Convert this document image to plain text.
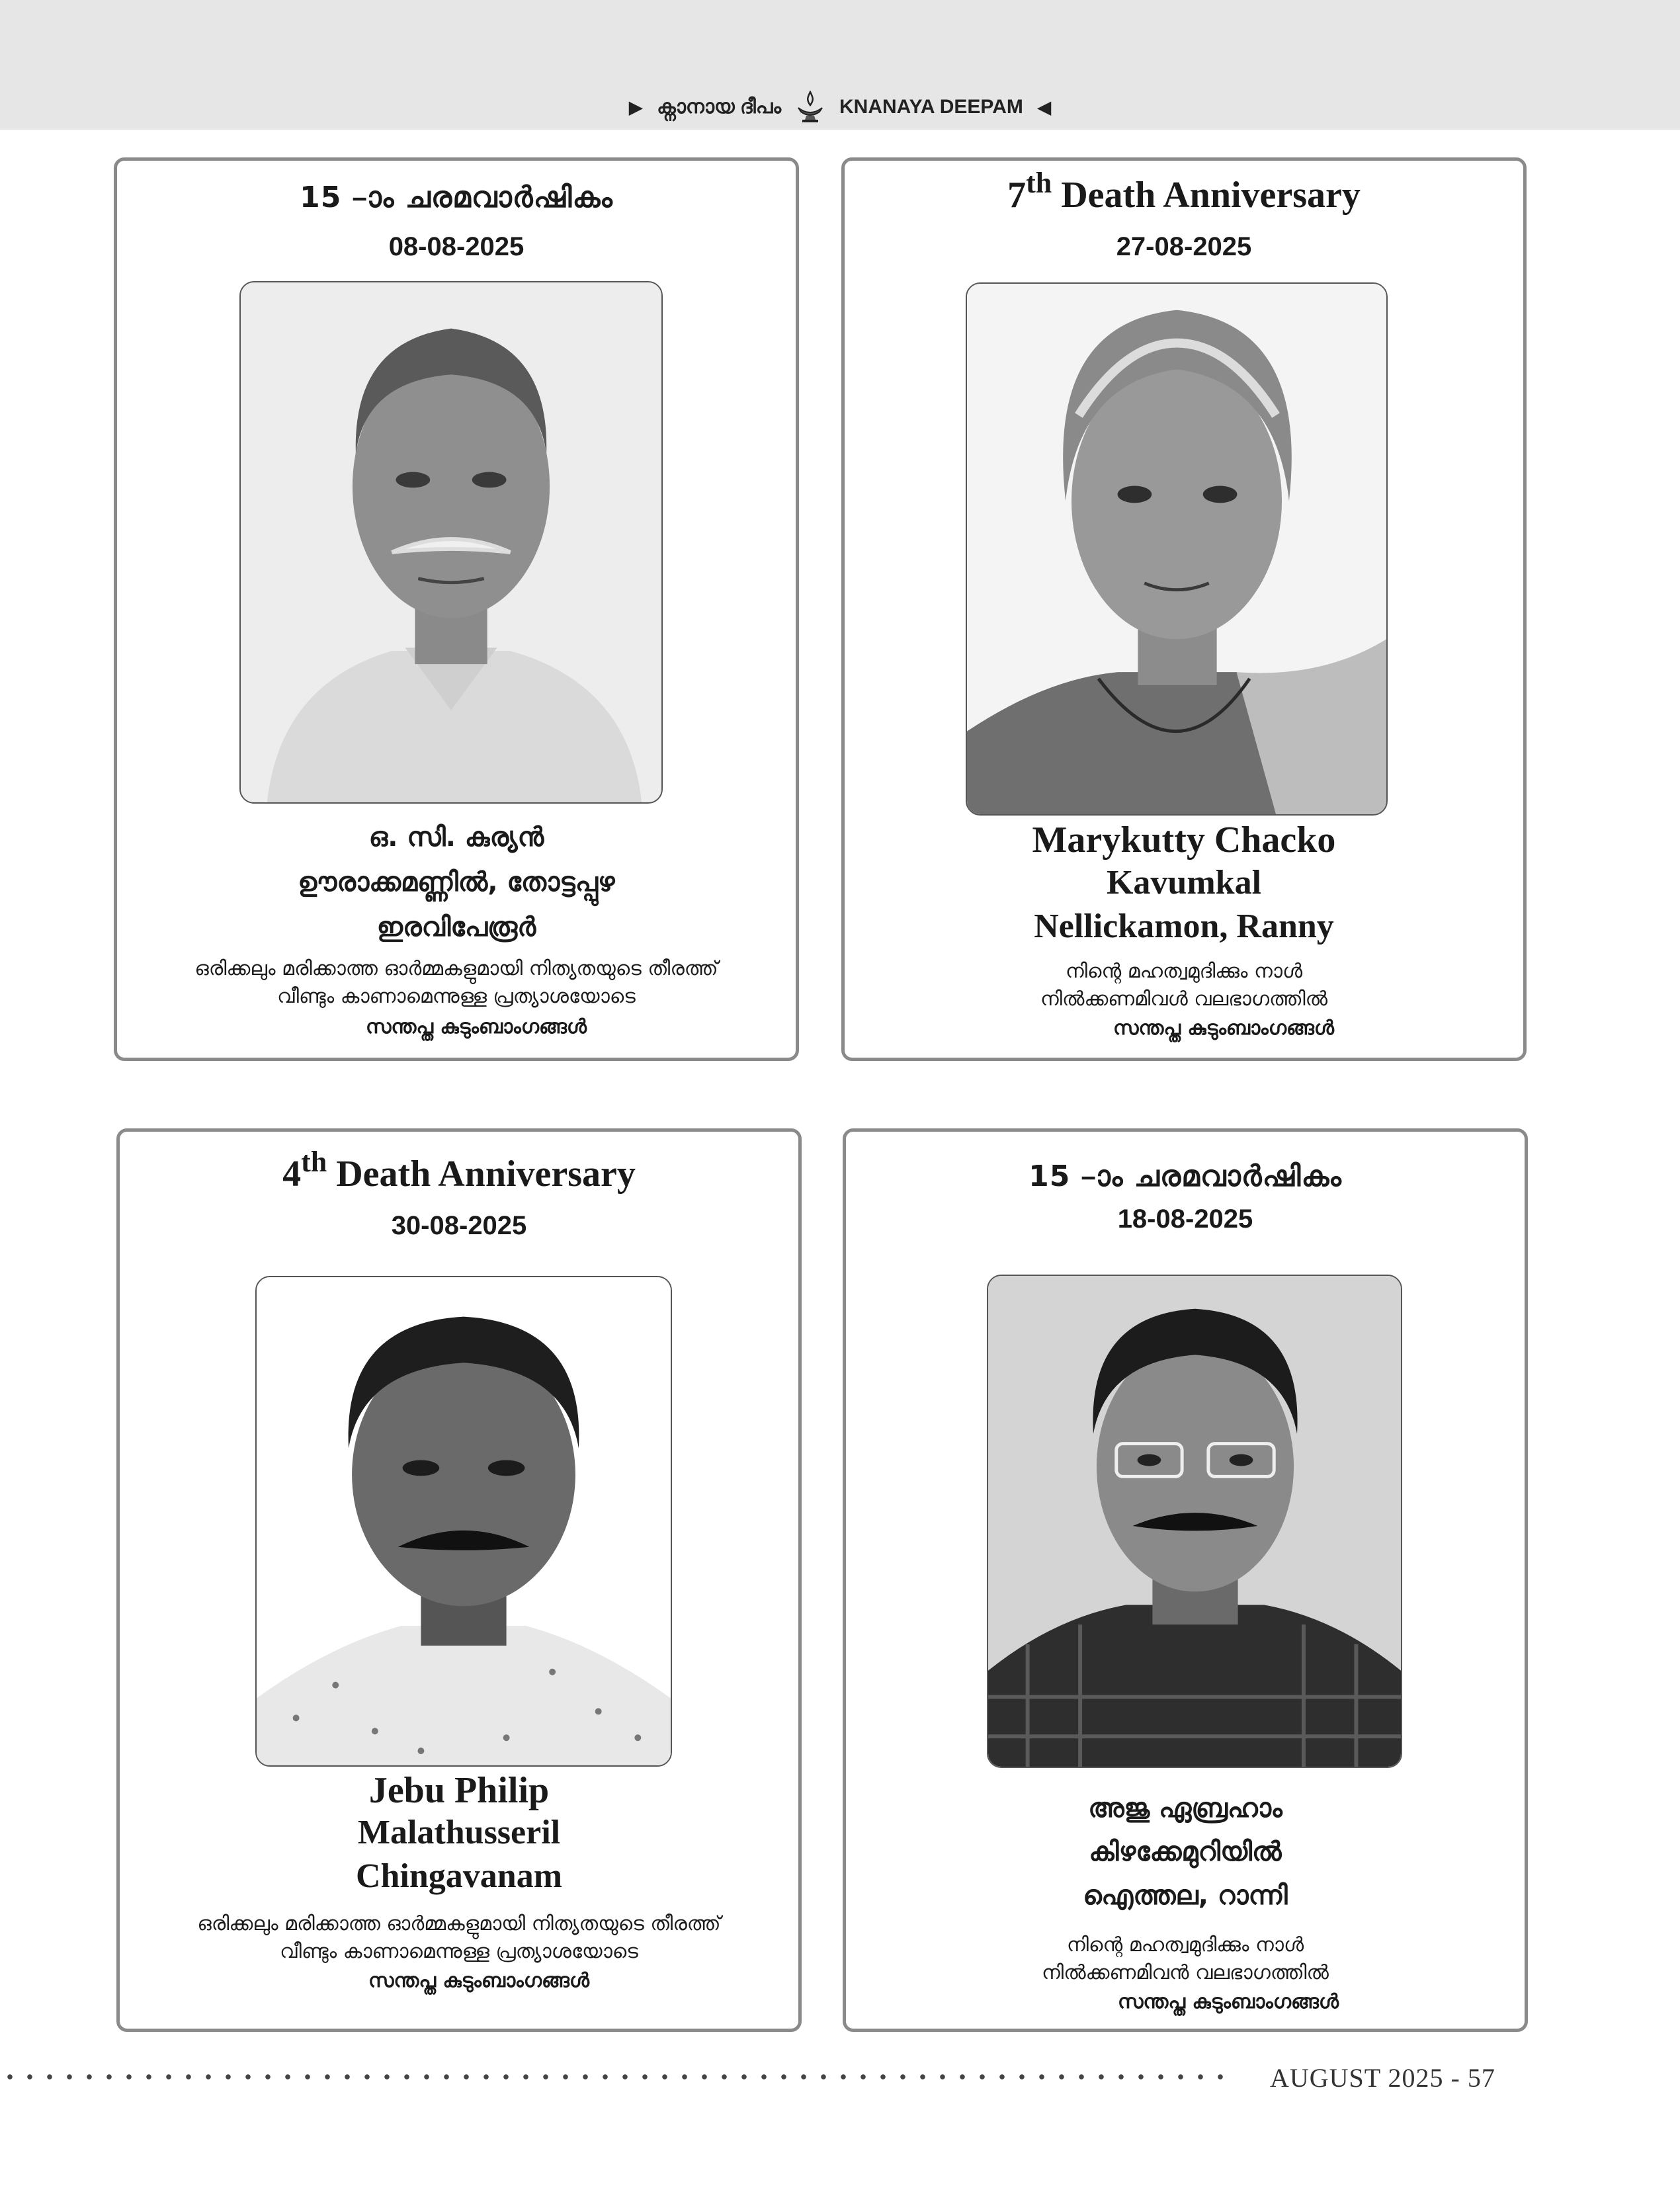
▶ ക്നാനായ ദീപം	KNANAYA DEEPAM ◀
15 –ാം ചരമവാർഷികം
08-08-2025
ഒ. സി. കുര്യൻ
ഊരാക്കമണ്ണിൽ, തോട്ടപ്പുഴ
ഇരവിപേരൂർ
ഒരിക്കലും മരിക്കാത്ത ഓർമ്മകളുമായി നിത്യതയുടെ തീരത്ത്
വീണ്ടും കാണാമെന്നുള്ള പ്രത്യാശയോടെ
സന്തപ്ത കുടുംബാംഗങ്ങൾ
7th Death Anniversary
27-08-2025
Marykutty Chacko
Kavumkal
Nellickamon, Ranny
നിന്റെ മഹത്വമുദിക്കും നാൾ
നിൽക്കണമിവൾ വലഭാഗത്തിൽ
സന്തപ്ത കുടുംബാംഗങ്ങൾ
4th Death Anniversary
30-08-2025
Jebu Philip
Malathusseril
Chingavanam
ഒരിക്കലും മരിക്കാത്ത ഓർമ്മകളുമായി നിത്യതയുടെ തീരത്ത്
വീണ്ടും കാണാമെന്നുള്ള പ്രത്യാശയോടെ
സന്തപ്ത കുടുംബാംഗങ്ങൾ
15 –ാം ചരമവാർഷികം
18-08-2025
അജു ഏബ്രഹാം
കിഴക്കേമുറിയിൽ
ഐത്തല, റാന്നി
നിന്റെ മഹത്വമുദിക്കും നാൾ
നിൽക്കണമിവൻ വലഭാഗത്തിൽ
സന്തപ്ത കുടുംബാംഗങ്ങൾ
AUGUST 2025 - 57
